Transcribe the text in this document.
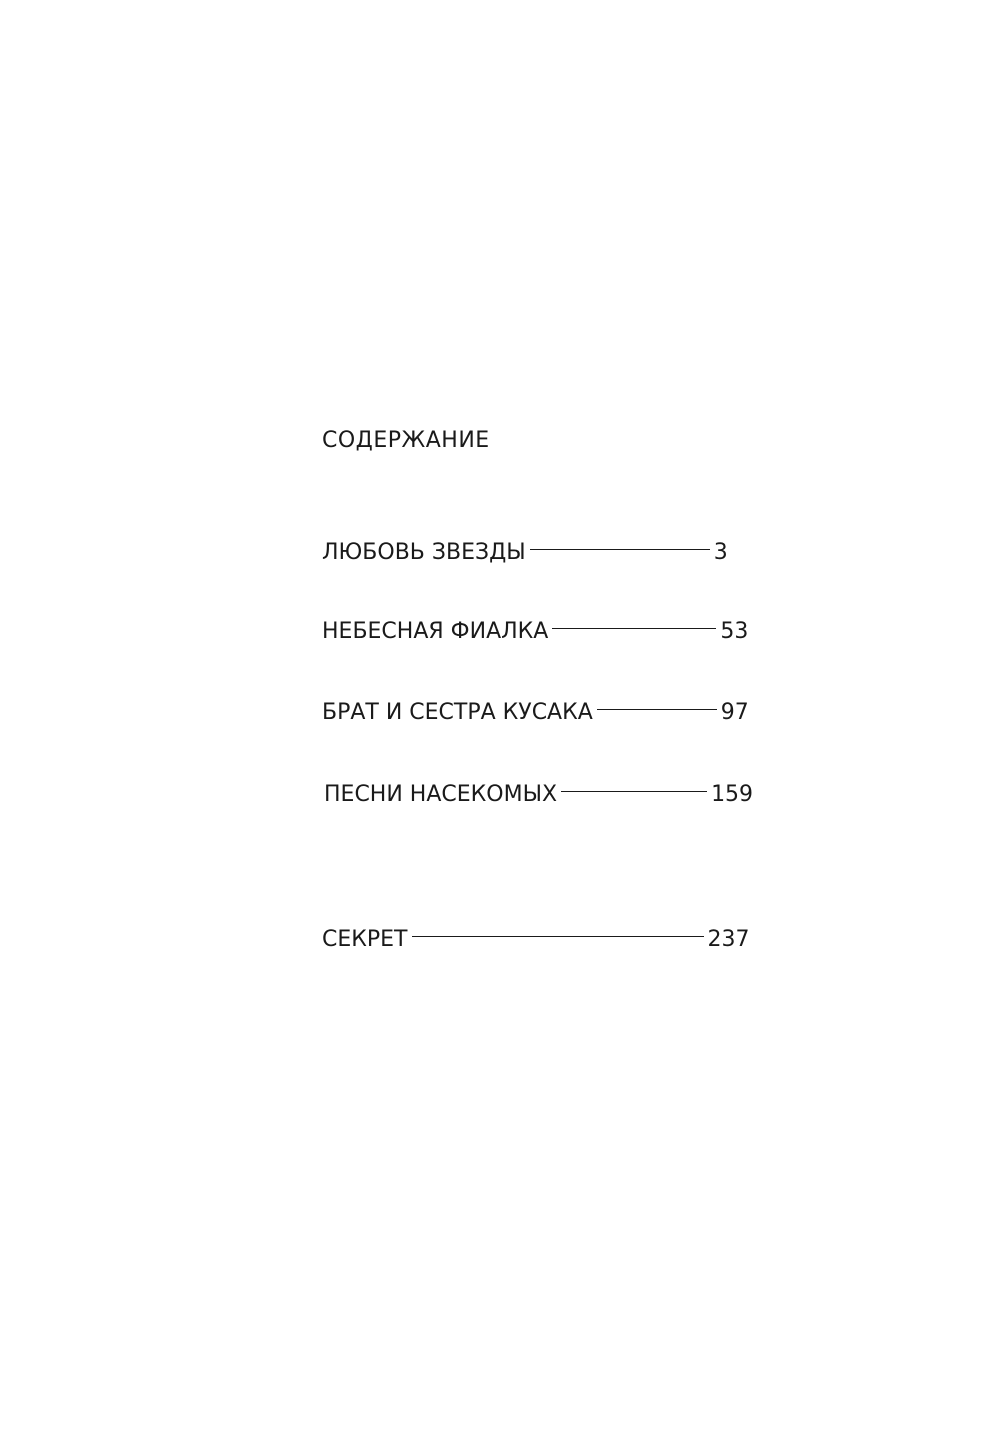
СОДЕРЖАНИЕ
ЛЮБОВЬ ЗВЕЗДЫ	3
НЕБЕСНАЯ ФИАЛКА	53
БРАТ И СЕСТРА КУСАКА	97
ПЕСНИ НАСЕКОМЫХ	159
СЕКРЕТ	237
